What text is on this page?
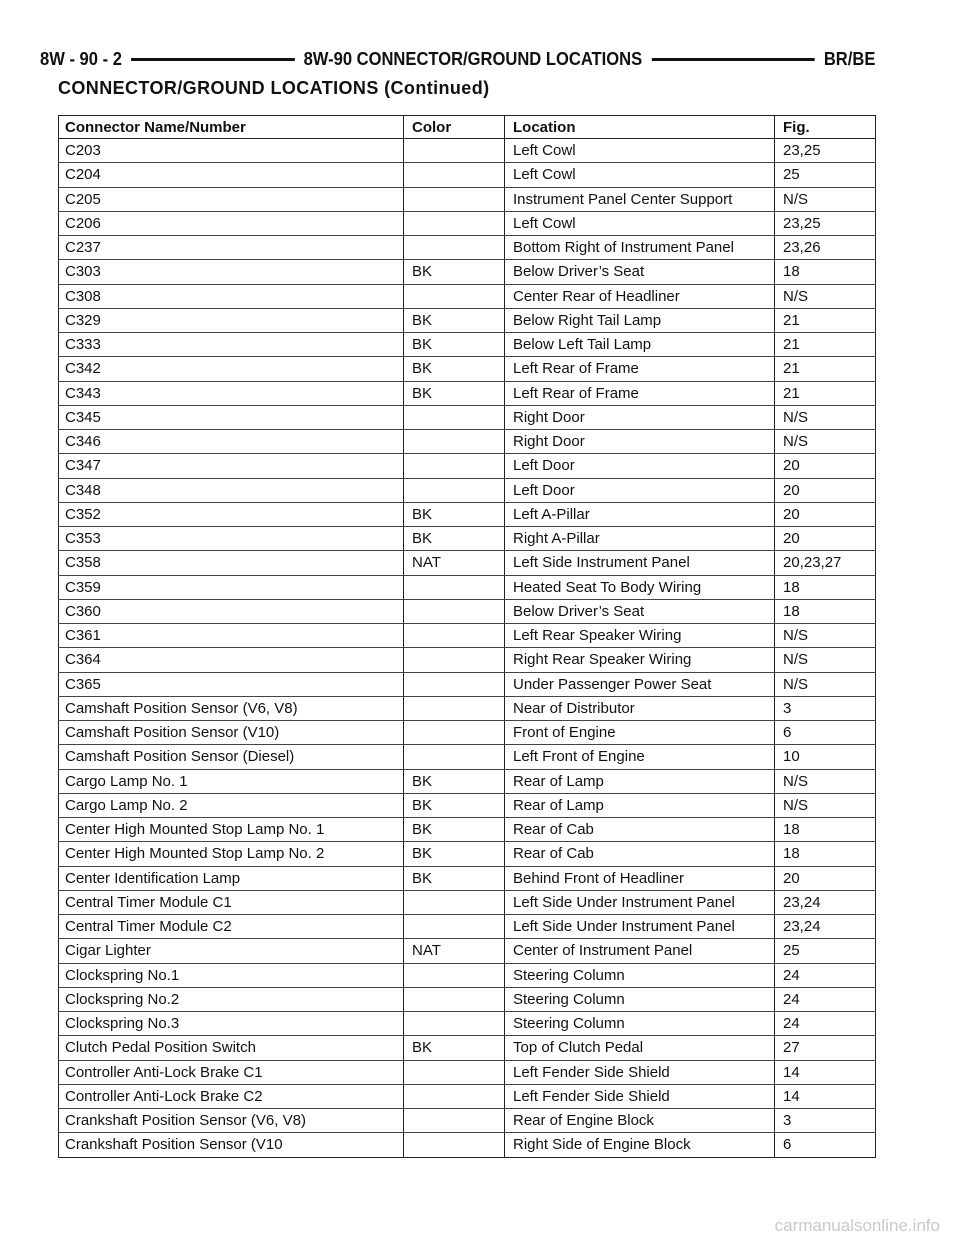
8W - 90 - 2	8W-90 CONNECTOR/GROUND LOCATIONS	BR/BE
CONNECTOR/GROUND LOCATIONS (Continued)
Connector Name/Number	Color	Location	Fig.
C203		Left Cowl	23,25
C204		Left Cowl	25
C205		Instrument Panel Center Support	N/S
C206		Left Cowl	23,25
C237		Bottom Right of Instrument Panel	23,26
C303	BK	Below Driver’s Seat	18
C308		Center Rear of Headliner	N/S
C329	BK	Below Right Tail Lamp	21
C333	BK	Below Left Tail Lamp	21
C342	BK	Left Rear of Frame	21
C343	BK	Left Rear of Frame	21
C345		Right Door	N/S
C346		Right Door	N/S
C347		Left Door	20
C348		Left Door	20
C352	BK	Left A-Pillar	20
C353	BK	Right A-Pillar	20
C358	NAT	Left Side Instrument Panel	20,23,27
C359		Heated Seat To Body Wiring	18
C360		Below Driver’s Seat	18
C361		Left Rear Speaker Wiring	N/S
C364		Right Rear Speaker Wiring	N/S
C365		Under Passenger Power Seat	N/S
Camshaft Position Sensor (V6, V8)		Near of Distributor	3
Camshaft Position Sensor (V10)		Front of Engine	6
Camshaft Position Sensor (Diesel)		Left Front of Engine	10
Cargo Lamp No. 1	BK	Rear of Lamp	N/S
Cargo Lamp No. 2	BK	Rear of Lamp	N/S
Center High Mounted Stop Lamp No. 1	BK	Rear of Cab	18
Center High Mounted Stop Lamp No. 2	BK	Rear of Cab	18
Center Identification Lamp	BK	Behind Front of Headliner	20
Central Timer Module C1		Left Side Under Instrument Panel	23,24
Central Timer Module C2		Left Side Under Instrument Panel	23,24
Cigar Lighter	NAT	Center of Instrument Panel	25
Clockspring No.1		Steering Column	24
Clockspring No.2		Steering Column	24
Clockspring No.3		Steering Column	24
Clutch Pedal Position Switch	BK	Top of Clutch Pedal	27
Controller Anti-Lock Brake C1		Left Fender Side Shield	14
Controller Anti-Lock Brake C2		Left Fender Side Shield	14
Crankshaft Position Sensor (V6, V8)		Rear of Engine Block	3
Crankshaft Position Sensor (V10		Right Side of Engine Block	6
carmanualsonline.info
